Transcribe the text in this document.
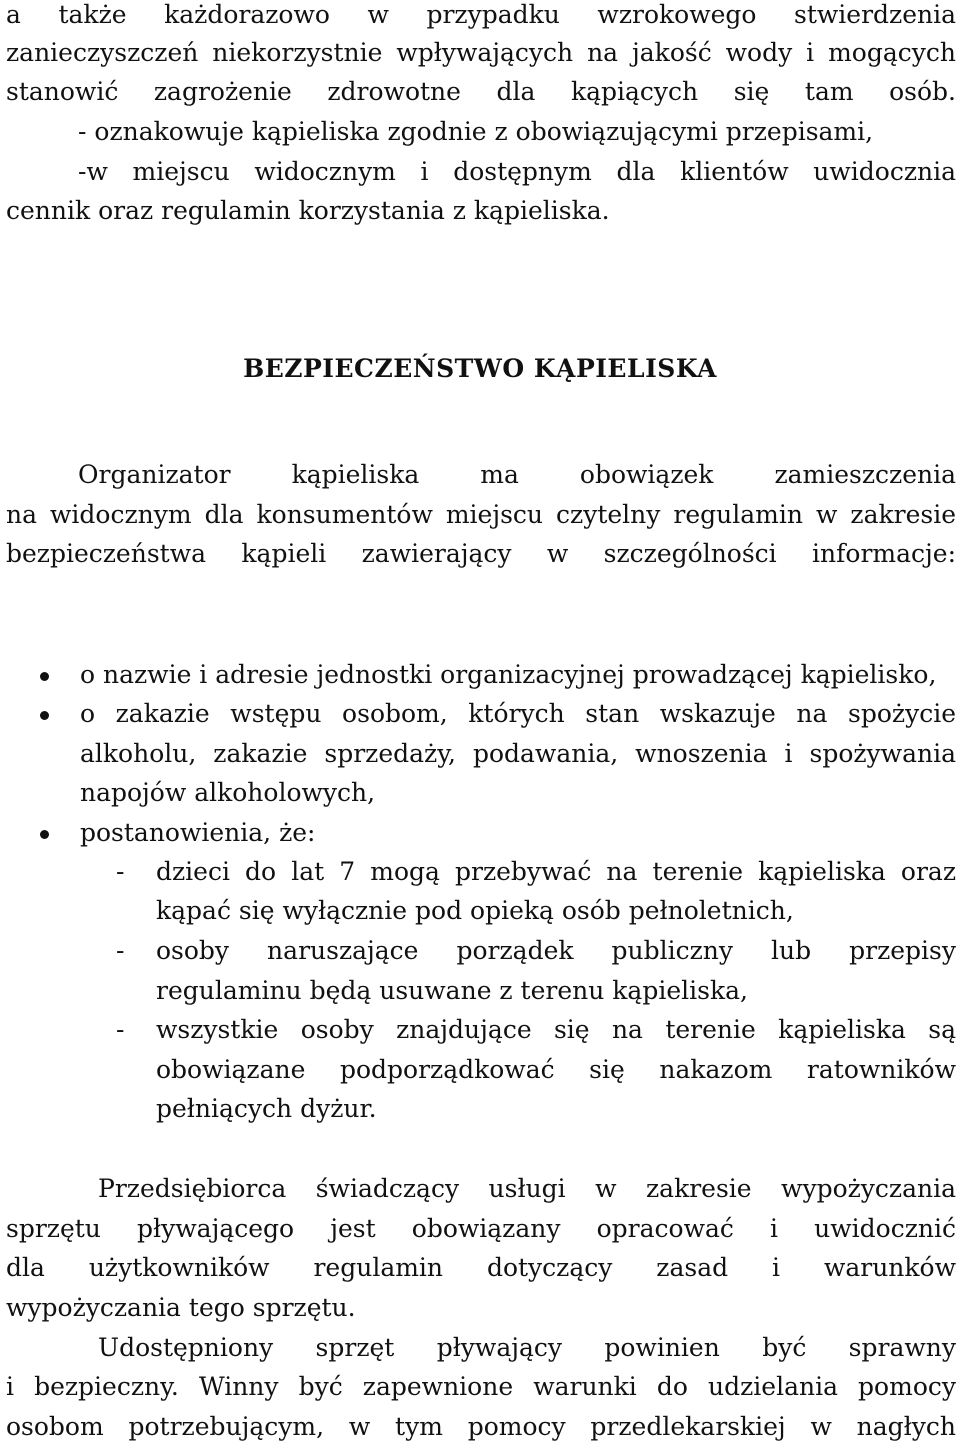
a także każdorazowo w przypadku wzrokowego stwierdzenia
zanieczyszczeń niekorzystnie wpływających na jakość wody i mogących
stanowić zagrożenie zdrowotne dla kąpiących się tam osób.
- oznakowuje kąpieliska zgodnie z obowiązującymi przepisami,
-w miejscu widocznym i dostępnym dla klientów uwidocznia
cennik oraz regulamin korzystania z kąpieliska.
BEZPIECZEŃSTWO KĄPIELISKA
Organizator kąpieliska ma obowiązek zamieszczenia
na widocznym dla konsumentów miejscu czytelny regulamin w zakresie
bezpieczeństwa kąpieli zawierający w szczególności informacje:
o nazwie i adresie jednostki organizacyjnej prowadzącej kąpielisko,
o zakazie wstępu osobom, których stan wskazuje na spożycie
alkoholu, zakazie sprzedaży, podawania, wnoszenia i spożywania
napojów alkoholowych,
postanowienia, że:
- dzieci do lat 7 mogą przebywać na terenie kąpieliska oraz
kąpać się wyłącznie pod opieką osób pełnoletnich,
- osoby naruszające porządek publiczny lub przepisy
regulaminu będą usuwane z terenu kąpieliska,
- wszystkie osoby znajdujące się na terenie kąpieliska są
obowiązane podporządkować się nakazom ratowników
pełniących dyżur.
Przedsiębiorca świadczący usługi w zakresie wypożyczania
sprzętu pływającego jest obowiązany opracować i uwidocznić
dla użytkowników regulamin dotyczący zasad i warunków
wypożyczania tego sprzętu.
Udostępniony sprzęt pływający powinien być sprawny
i bezpieczny. Winny być zapewnione warunki do udzielania pomocy
osobom potrzebującym, w tym pomocy przedlekarskiej w nagłych
